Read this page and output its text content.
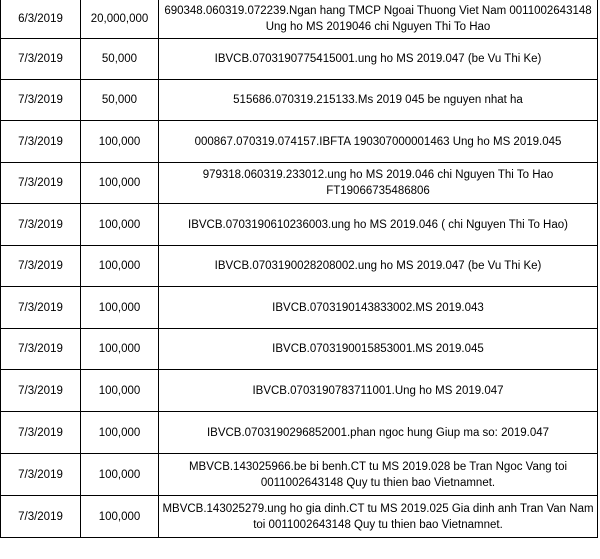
6/3/2019	20,000,000	690348.060319.072239.Ngan hang TMCP Ngoai Thuong Viet Nam 0011002643148 Ung ho MS 2019046 chi Nguyen Thi To Hao
7/3/2019	50,000	IBVCB.0703190775415001.ung ho MS 2019.047 (be Vu Thi Ke)
7/3/2019	50,000	515686.070319.215133.Ms 2019 045 be nguyen nhat ha
7/3/2019	100,000	000867.070319.074157.IBFTA 190307000001463 Ung ho MS 2019.045
7/3/2019	100,000	979318.060319.233012.ung ho MS 2019.046 chi Nguyen Thi To Hao FT19066735486806
7/3/2019	100,000	IBVCB.0703190610236003.ung ho MS 2019.046 ( chi Nguyen Thi To Hao)
7/3/2019	100,000	IBVCB.0703190028208002.ung ho MS 2019.047 (be Vu Thi Ke)
7/3/2019	100,000	IBVCB.0703190143833002.MS 2019.043
7/3/2019	100,000	IBVCB.0703190015853001.MS 2019.045
7/3/2019	100,000	IBVCB.0703190783711001.Ung ho MS 2019.047
7/3/2019	100,000	IBVCB.0703190296852001.phan ngoc hung Giup ma so: 2019.047
7/3/2019	100,000	MBVCB.143025966.be bi benh.CT tu MS 2019.028 be Tran Ngoc Vang toi 0011002643148 Quy tu thien bao Vietnamnet.
7/3/2019	100,000	MBVCB.143025279.ung ho gia dinh.CT tu MS 2019.025 Gia dinh anh Tran Van Nam toi 0011002643148 Quy tu thien bao Vietnamnet.
